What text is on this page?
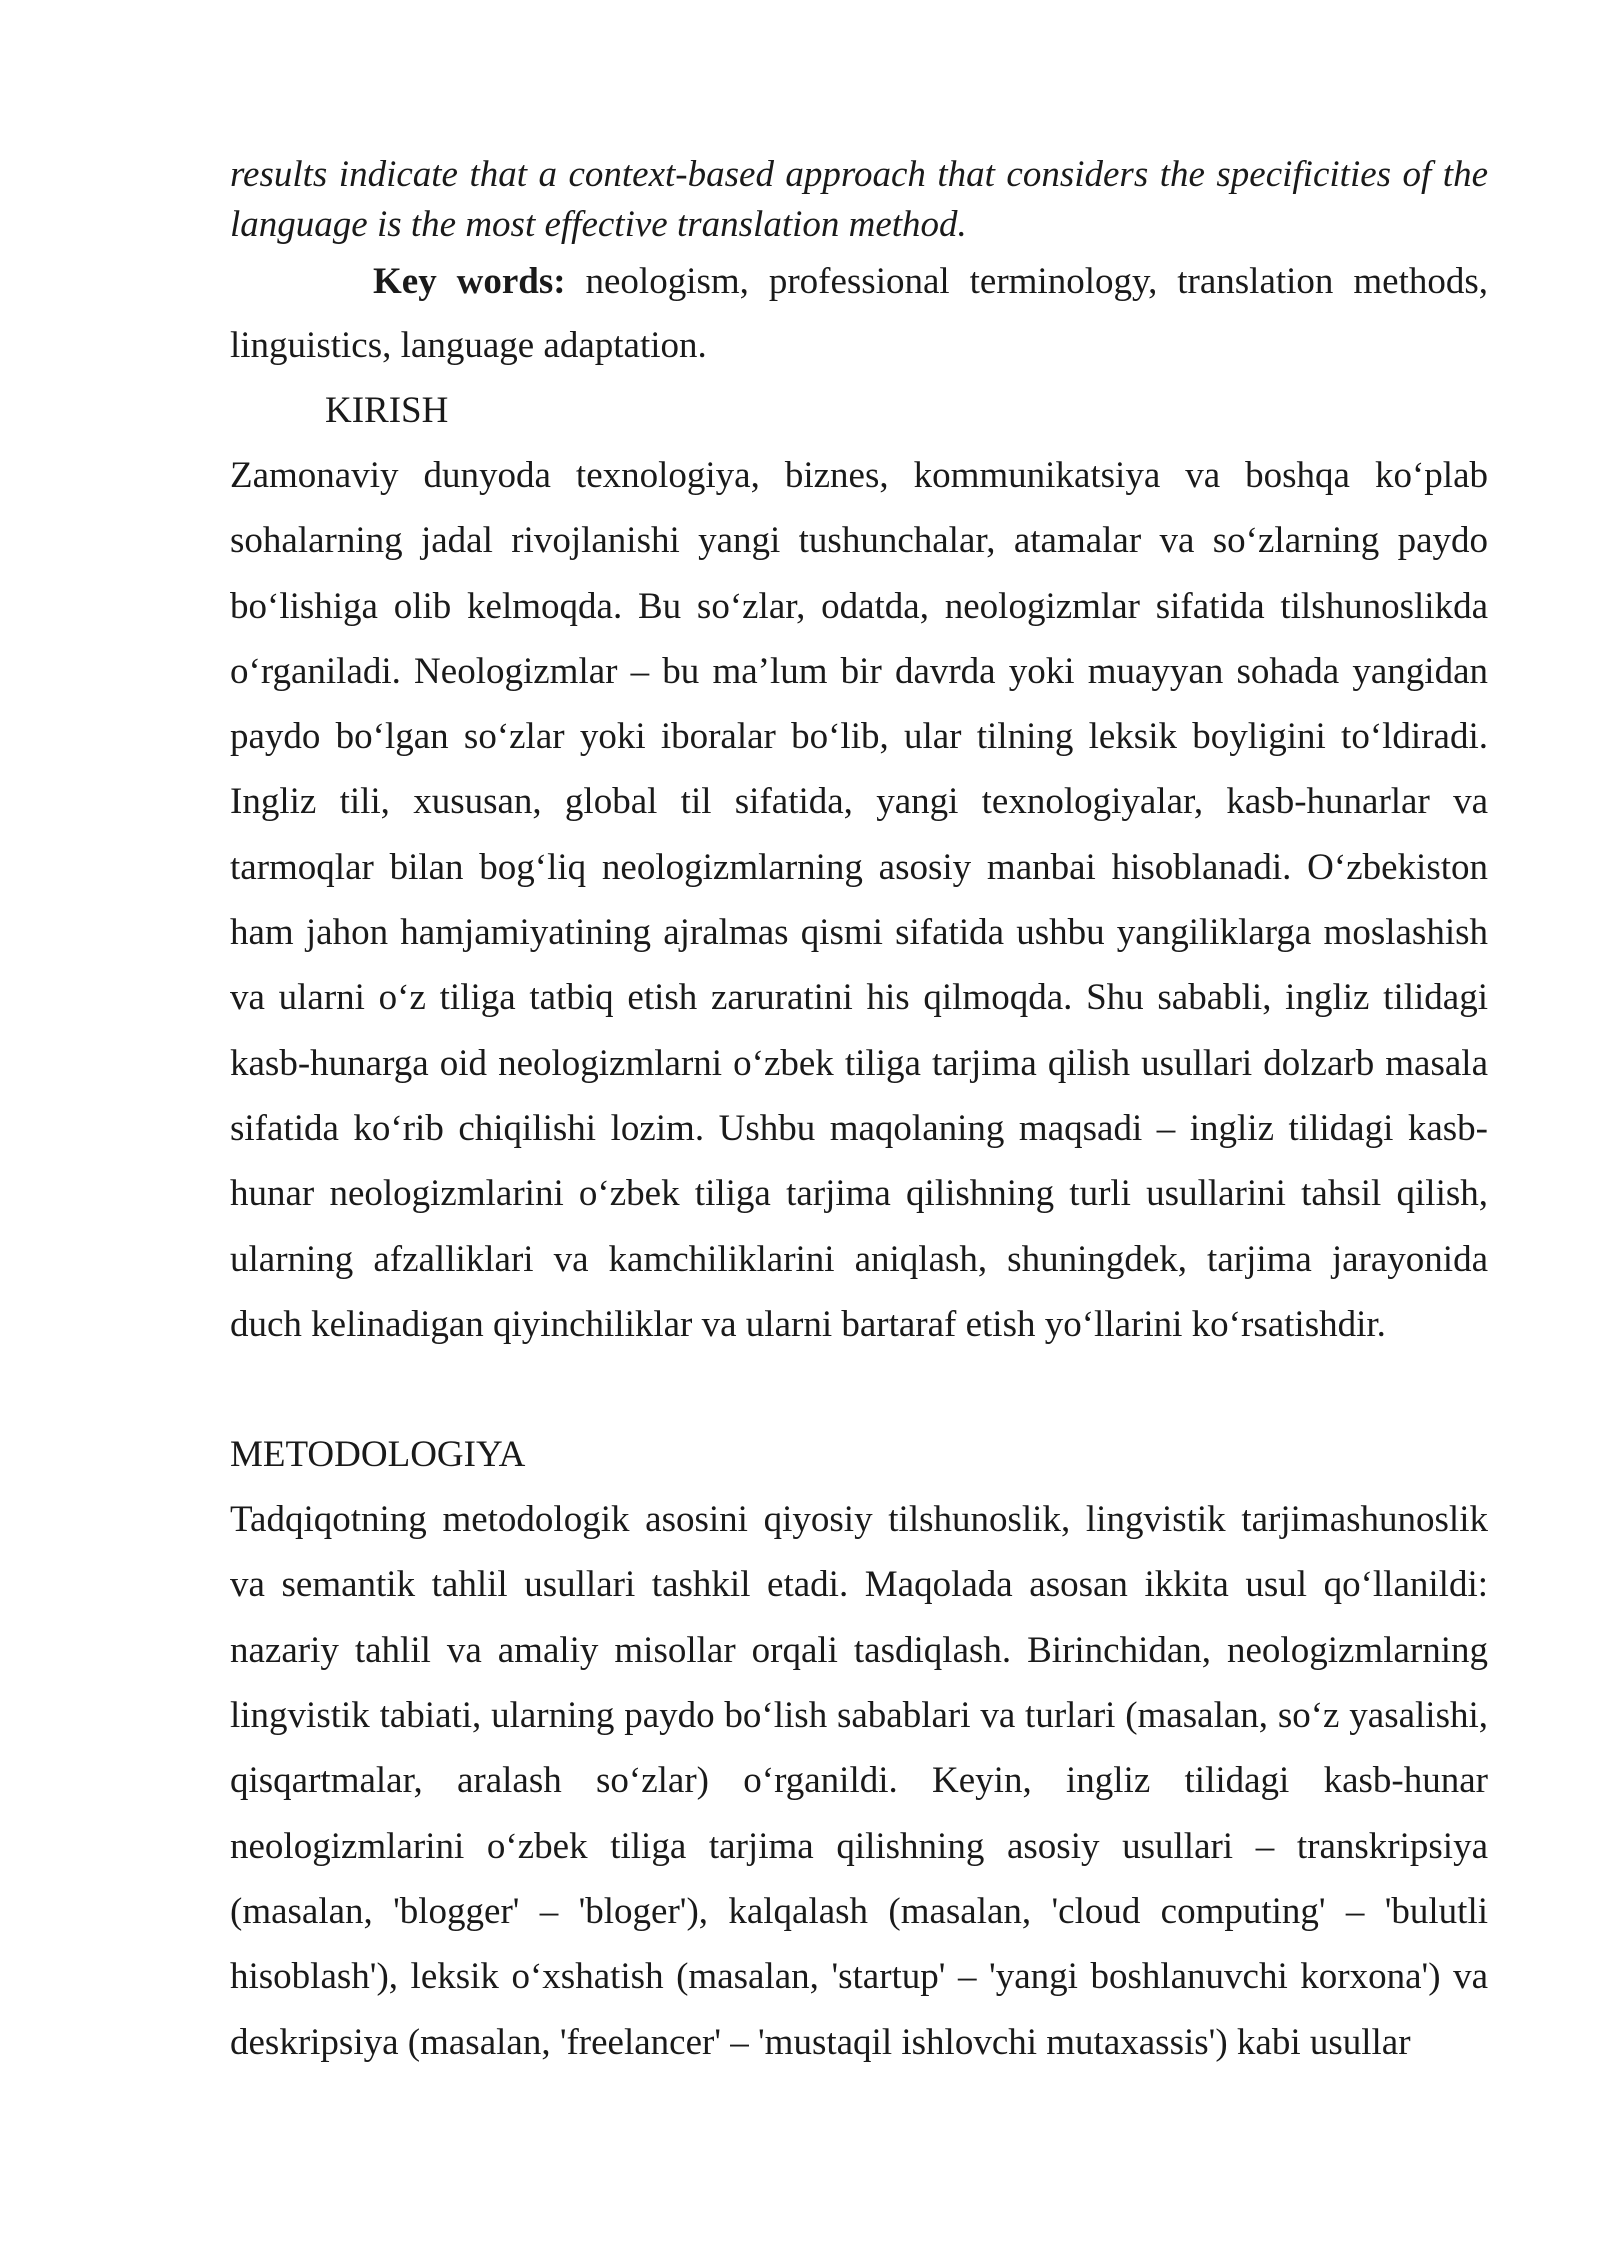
results indicate that a context-based approach that considers the specificities of the language is the most effective translation method.

Key words: neologism, professional terminology, translation methods, linguistics, language adaptation.

KIRISH

Zamonaviy dunyoda texnologiya, biznes, kommunikatsiya va boshqa ko‘plab sohalarning jadal rivojlanishi yangi tushunchalar, atamalar va so‘zlarning paydo bo‘lishiga olib kelmoqda. Bu so‘zlar, odatda, neologizmlar sifatida tilshunoslikda o‘rganiladi. Neologizmlar – bu ma’lum bir davrda yoki muayyan sohada yangidan paydo bo‘lgan so‘zlar yoki iboralar bo‘lib, ular tilning leksik boyligini to‘ldiradi. Ingliz tili, xususan, global til sifatida, yangi texnologiyalar, kasb-hunarlar va tarmoqlar bilan bog‘liq neologizmlarning asosiy manbai hisoblanadi. O‘zbekiston ham jahon hamjamiyatining ajralmas qismi sifatida ushbu yangiliklarga moslashish va ularni o‘z tiliga tatbiq etish zaruratini his qilmoqda. Shu sababli, ingliz tilidagi kasb-hunarga oid neologizmlarni o‘zbek tiliga tarjima qilish usullari dolzarb masala sifatida ko‘rib chiqilishi lozim. Ushbu maqolaning maqsadi – ingliz tilidagi kasb-hunar neologizmlarini o‘zbek tiliga tarjima qilishning turli usullarini tahsil qilish, ularning afzalliklari va kamchiliklarini aniqlash, shuningdek, tarjima jarayonida duch kelinadigan qiyinchiliklar va ularni bartaraf etish yo‘llarini ko‘rsatishdir.

METODOLOGIYA

Tadqiqotning metodologik asosini qiyosiy tilshunoslik, lingvistik tarjimashunoslik va semantik tahlil usullari tashkil etadi. Maqolada asosan ikkita usul qo‘llanildi: nazariy tahlil va amaliy misollar orqali tasdiqlash. Birinchidan, neologizmlarning lingvistik tabiati, ularning paydo bo‘lish sabablari va turlari (masalan, so‘z yasalishi, qisqartmalar, aralash so‘zlar) o‘rganildi. Keyin, ingliz tilidagi kasb-hunar neologizmlarini o‘zbek tiliga tarjima qilishning asosiy usullari – transkripsiya (masalan, 'blogger' – 'bloger'), kalqalash (masalan, 'cloud computing' – 'bulutli hisoblash'), leksik o‘xshatish (masalan, 'startup' – 'yangi boshlanuvchi korxona') va deskripsiya (masalan, 'freelancer' – 'mustaqil ishlovchi mutaxassis') kabi usullar
